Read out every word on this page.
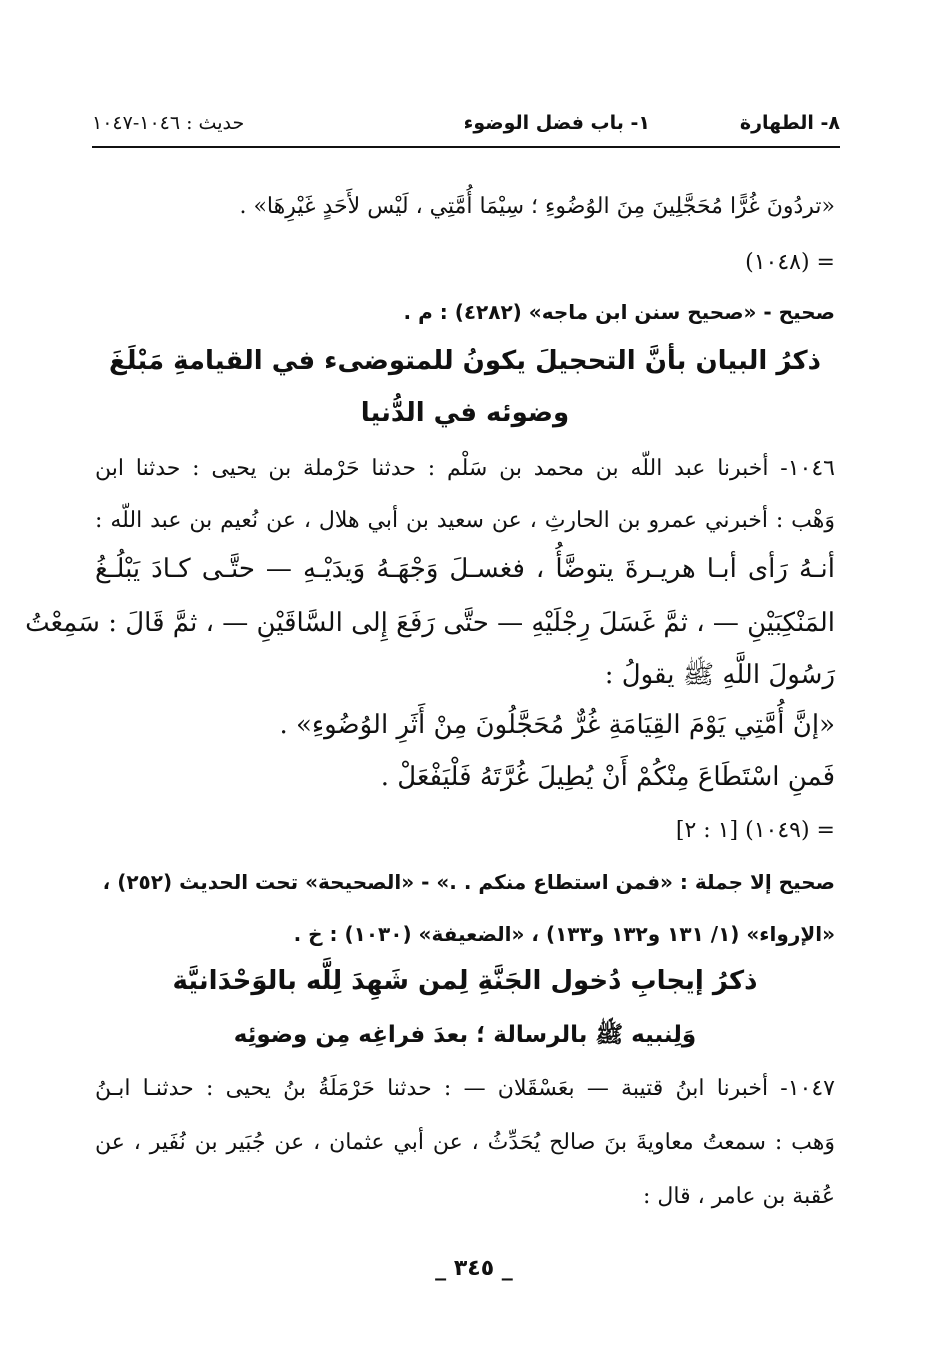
٨- الطهارة
١- باب فضل الوضوء
حديث : ١٠٤٦-١٠٤٧
«تردُونَ غُرًّا مُحَجَّلِينَ مِنَ الوُضُوءِ ؛ سِيْمَا أُمَّتِي ، لَيْس لأَحَدٍ غَيْرِهَا» .
= (١٠٤٨)
صحيح - «صحيح سنن ابن ماجه» (٤٢٨٢) : م .
ذكرُ البيان بأنَّ التحجيلَ يكونُ للمتوضىء في القيامةِ مَبْلَغَ
وضوئه في الدُّنيا
١٠٤٦- أخبرنا عبد اللّه بن محمد بن سَلْم : حدثنا حَرْملة بن يحيى : حدثنا ابن
وَهْب : أخبرني عمرو بن الحارثِ ، عن سعيد بن أبي هلال ، عن نُعيم بن عبد اللّه :
أنـهُ رَأى أبـا هريـرةَ يتوضَّأُ ، فغسـلَ وَجْهَـهُ وَيدَيْـهِ — حتَّـى كـادَ يَبْلُـغُ
المَنْكِبَيْنِ — ، ثمَّ غَسَلَ رِجْلَيْهِ — حتَّى رَفَعَ إِلى السَّاقَيْنِ — ، ثمَّ قَالَ : سَمِعْتُ
رَسُولَ اللَّهِ ﷺ يقولُ :
«إنَّ أُمَّتِي يَوْمَ القِيَامَةِ غُرٌّ مُحَجَّلُونَ مِنْ أَثَرِ الوُضُوءِ» .
فَمنِ اسْتَطَاعَ مِنْكُمْ أَنْ يُطِيلَ غُرَّتَهُ فَلْيَفْعَلْ .
= (١٠٤٩) [١ : ٢]
صحيح إلا جملة : «فمن استطاع منكم . .» - «الصحيحة» تحت الحديث (٢٥٢) ،
«الإرواء» (١/ ١٣١ و١٣٢ و١٣٣) ، «الضعيفة» (١٠٣٠) : خ .
ذكرُ إيجابِ دُخول الجَنَّةِ لِمن شَهِدَ لِلَّه بالوَحْدَانيَّة
وَلِنبيه ﷺ بالرسالة ؛ بعدَ فراغِه مِن وضوئِه
١٠٤٧- أخبرنا ابنُ قتيبة — بعَسْقَلان — : حدثنا حَرْمَلَةُ بنُ يحيى : حدثنـا ابـنُ
وَهب : سمعتُ معاويةَ بنَ صالح يُحَدِّثُ ، عن أبي عثمان ، عن جُبَير بن نُفَير ، عن
عُقبة بن عامر ، قال :
_ ٣٤٥ _
